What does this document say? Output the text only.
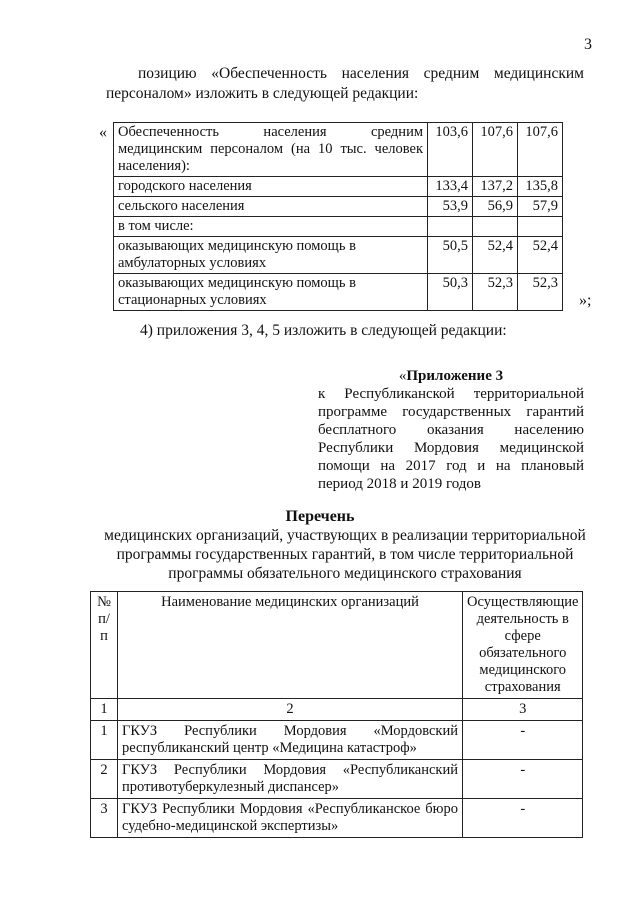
3
позицию «Обеспеченность населения средним медицинским
персоналом» изложить в следующей редакции:
« Обеспеченность населения средним медицинским персоналом (на 10 тыс. человек населения):	103,6	107,6	107,6
городского населения	133,4	137,2	135,8
сельского населения	53,9	56,9	57,9
в том числе:			
оказывающих медицинскую помощь в амбулаторных условиях	50,5	52,4	52,4
оказывающих медицинскую помощь в стационарных условиях	50,3	52,3	52,3
»;
4) приложения 3, 4, 5 изложить в следующей редакции:
«Приложение 3
к Республиканской территориальной программе государственных гарантий бесплатного оказания населению Республики Мордовия медицинской помощи на 2017 год и на плановый период 2018 и 2019 годов
Перечень
медицинских организаций, участвующих в реализации территориальной программы государственных гарантий, в том числе территориальной программы обязательного медицинского страхования
№ п/п	Наименование медицинских организаций	Осуществляющие деятельность в сфере обязательного медицинского страхования
1	2	3
1	ГКУЗ Республики Мордовия «Мордовский республиканский центр «Медицина катастроф»	-
2	ГКУЗ Республики Мордовия «Республиканский противотуберкулезный диспансер»	-
3	ГКУЗ Республики Мордовия «Республиканское бюро судебно-медицинской экспертизы»	-
